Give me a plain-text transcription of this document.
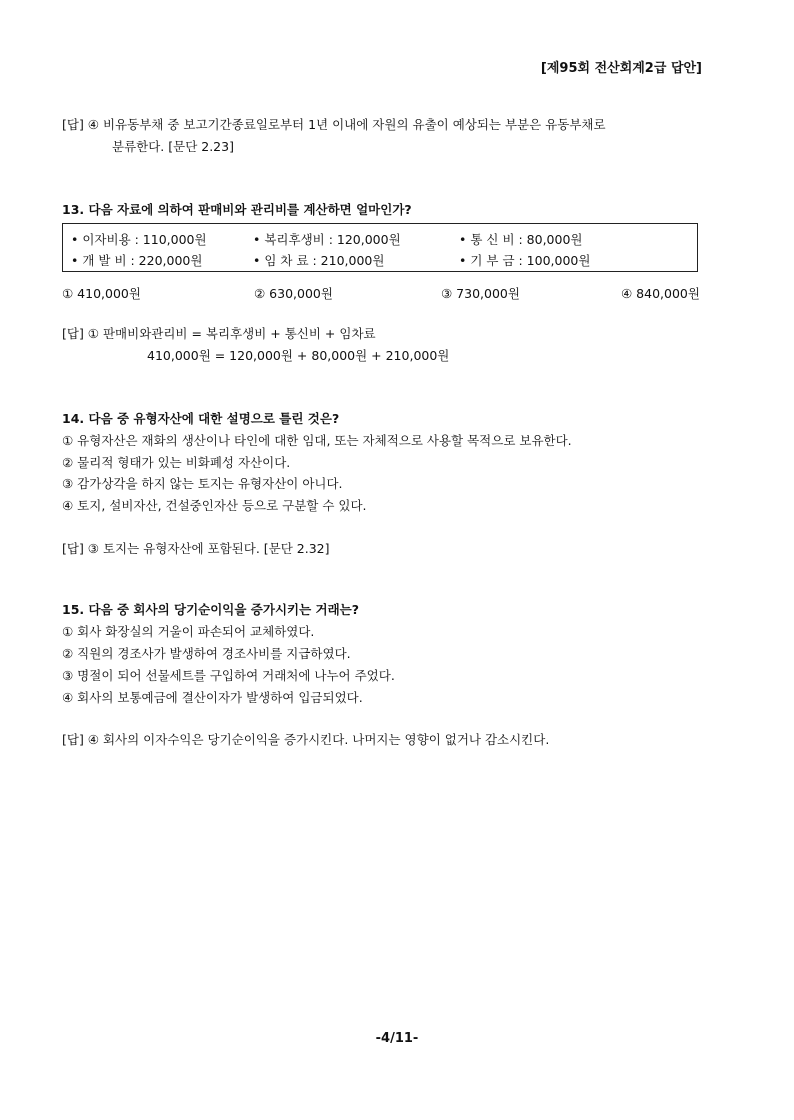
[제95회 전산회계2급 답안]
[답] ④ 비유동부채 중 보고기간종료일로부터 1년 이내에 자원의 유출이 예상되는 부분은 유동부채로
분류한다. [문단 2.23]
13. 다음 자료에 의하여 판매비와 관리비를 계산하면 얼마인가?
• 이자비용 : 110,000원	• 복리후생비 : 120,000원	• 통 신 비 : 80,000원
• 개 발 비 : 220,000원	• 임 차 료 : 210,000원	• 기 부 금 : 100,000원
① 410,000원	② 630,000원	③ 730,000원	④ 840,000원
[답] ① 판매비와관리비 = 복리후생비 + 통신비 + 임차료
410,000원 = 120,000원 + 80,000원 + 210,000원
14. 다음 중 유형자산에 대한 설명으로 틀린 것은?
① 유형자산은 재화의 생산이나 타인에 대한 임대, 또는 자체적으로 사용할 목적으로 보유한다.
② 물리적 형태가 있는 비화폐성 자산이다.
③ 감가상각을 하지 않는 토지는 유형자산이 아니다.
④ 토지, 설비자산, 건설중인자산 등으로 구분할 수 있다.
[답] ③ 토지는 유형자산에 포함된다. [문단 2.32]
15. 다음 중 회사의 당기순이익을 증가시키는 거래는?
① 회사 화장실의 거울이 파손되어 교체하였다.
② 직원의 경조사가 발생하여 경조사비를 지급하였다.
③ 명절이 되어 선물세트를 구입하여 거래처에 나누어 주었다.
④ 회사의 보통예금에 결산이자가 발생하여 입금되었다.
[답] ④ 회사의 이자수익은 당기순이익을 증가시킨다. 나머지는 영향이 없거나 감소시킨다.
-4/11-
